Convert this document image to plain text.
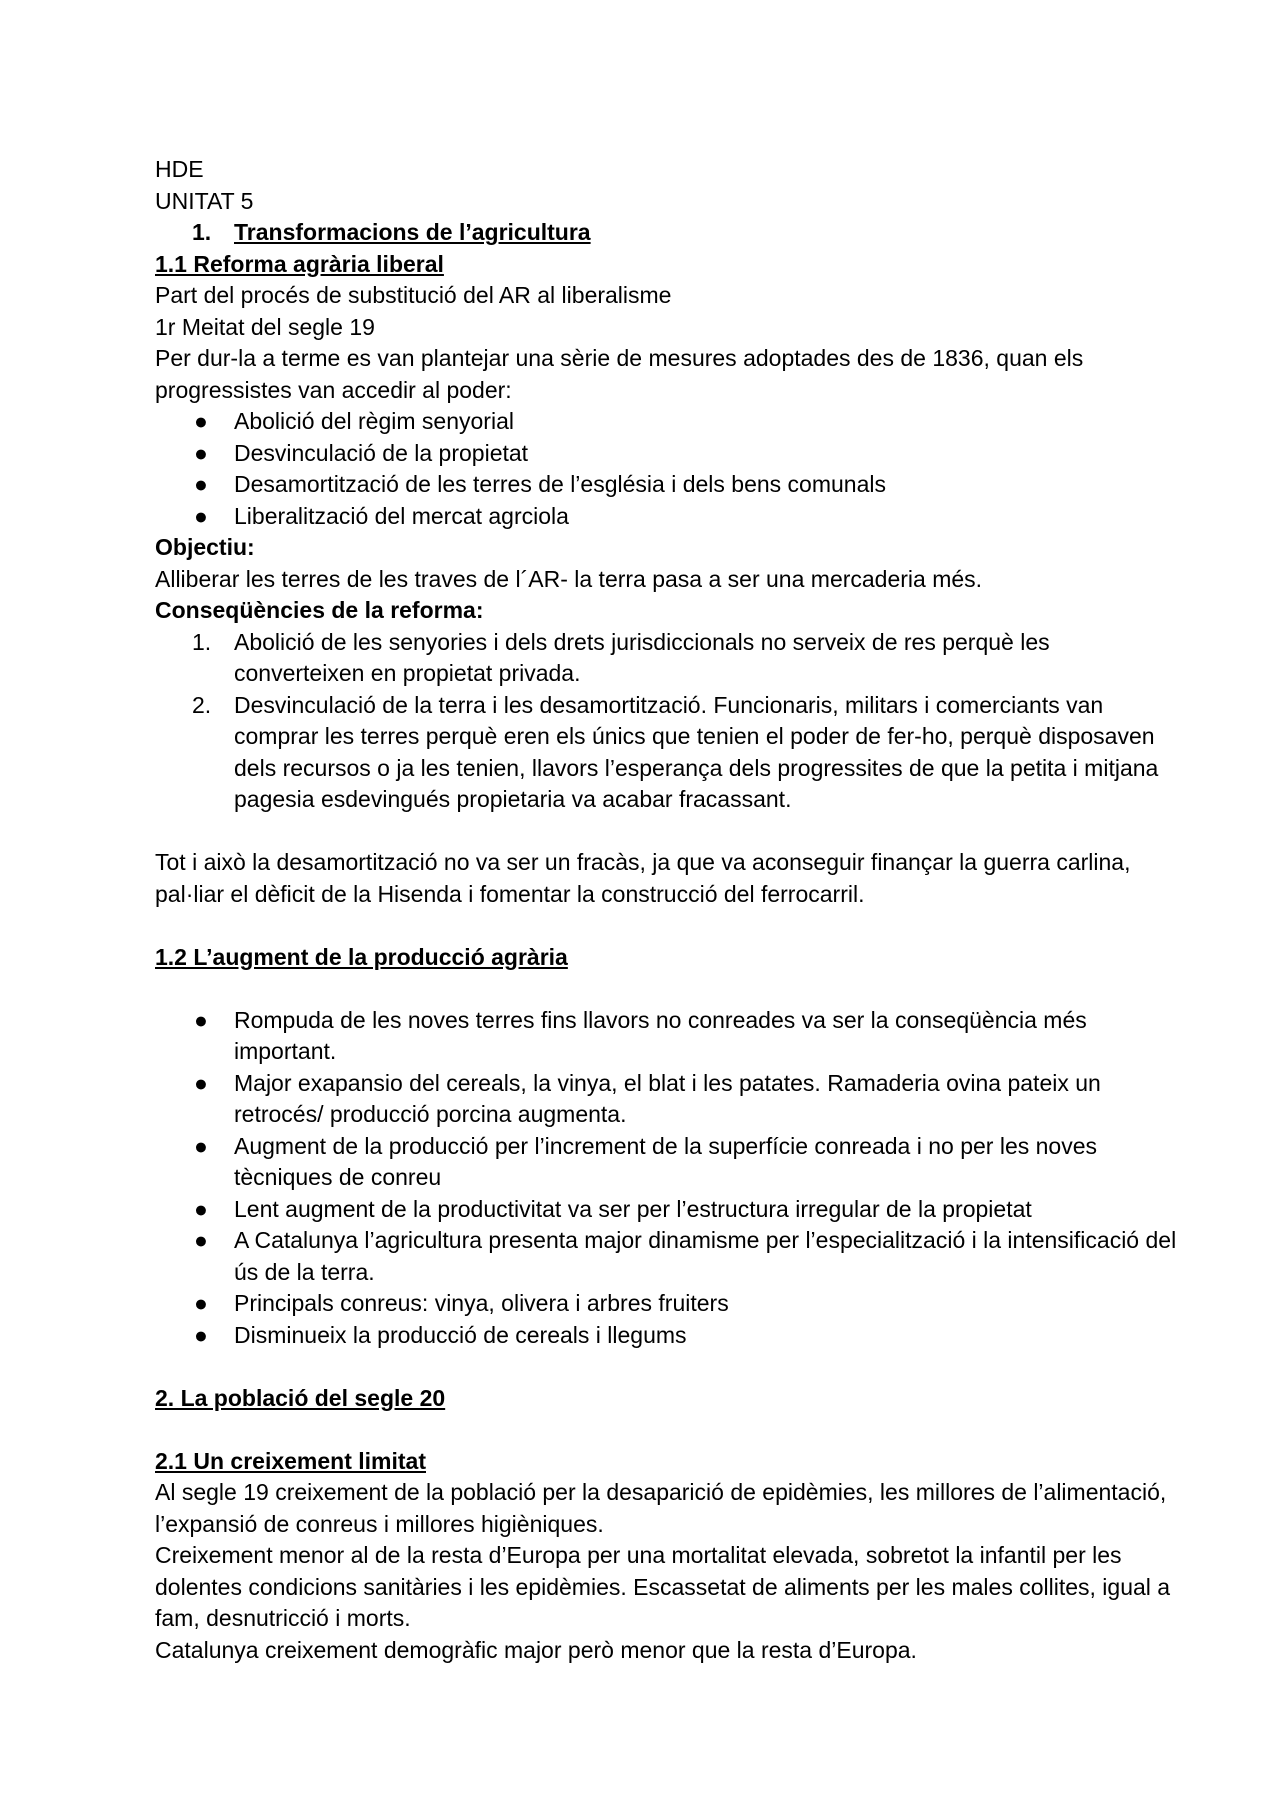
HDE

UNITAT 5

1. Transformacions de l’agricultura

1.1 Reforma agrària liberal

Part del procés de substitució del AR al liberalisme

1r Meitat del segle 19

Per dur-la a terme es van plantejar una sèrie de mesures adoptades des de 1836, quan els progressistes van accedir al poder:

● Abolició del règim senyorial
● Desvinculació de la propietat
● Desamortització de les terres de l’església i dels bens comunals
● Liberalització del mercat agrciola

Objectiu:

Alliberar les terres de les traves de l´AR- la terra pasa a ser una mercaderia més.

Conseqüències de la reforma:

1. Abolició de les senyories i dels drets jurisdiccionals no serveix de res perquè les converteixen en propietat privada.
2. Desvinculació de la terra i les desamortització. Funcionaris, militars i comerciants van comprar les terres perquè eren els únics que tenien el poder de fer-ho, perquè disposaven dels recursos o ja les tenien, llavors l’esperança dels progressites de que la petita i mitjana pagesia esdevingués propietaria va acabar fracassant.

Tot i això la desamortització no va ser un fracàs, ja que va aconseguir finançar la guerra carlina, pal·liar el dèficit de la Hisenda i fomentar la construcció del ferrocarril.

1.2 L’augment de la producció agrària

● Rompuda de les noves terres fins llavors no conreades va ser la conseqüència més important.
● Major exapansio del cereals, la vinya, el blat i les patates. Ramaderia ovina pateix un retrocés/ producció porcina augmenta.
● Augment de la producció per l’increment de la superfície conreada i no per les noves tècniques de conreu
● Lent augment de la productivitat va ser per l’estructura irregular de la propietat
● A Catalunya l’agricultura presenta major dinamisme per l’especialització i la intensificació del ús de la terra.
● Principals conreus: vinya, olivera i arbres fruiters
● Disminueix la producció de cereals i llegums

2. La població del segle 20

2.1 Un creixement limitat

Al segle 19 creixement de la població per la desaparició de epidèmies, les millores de l’alimentació, l’expansió de conreus i millores higièniques.

Creixement menor al de la resta d’Europa per una mortalitat elevada, sobretot la infantil per les dolentes condicions sanitàries i les epidèmies. Escassetat de aliments per les males collites, igual a fam, desnutricció i morts.

Catalunya creixement demogràfic major però menor que la resta d’Europa.
